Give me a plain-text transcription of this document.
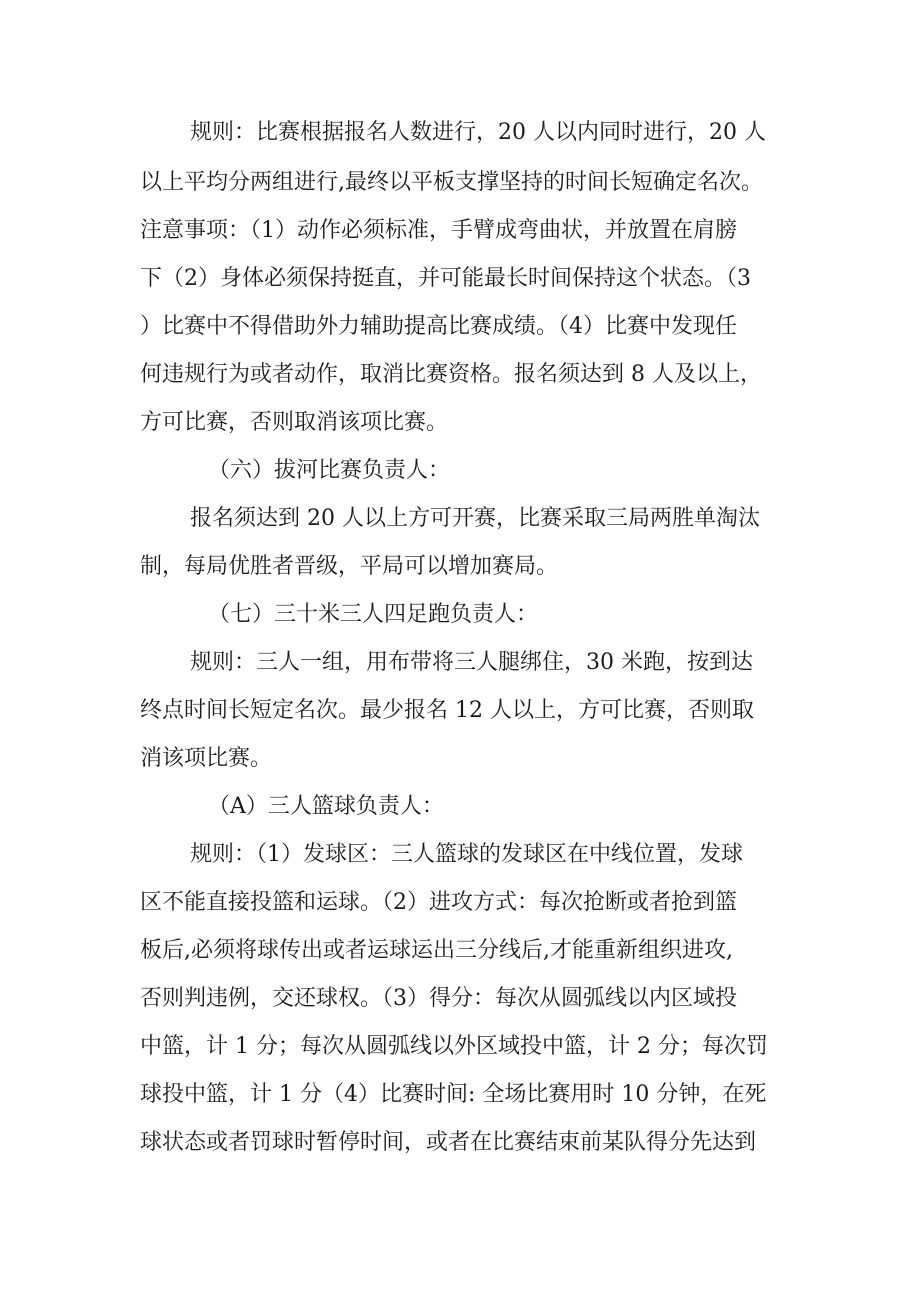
规则：比赛根据报名人数进行，20 人以内同时进行，20 人
以上平均分两组进行,最终以平板支撑坚持的时间长短确定名次。
注意事项：（1）动作必须标准，手臂成弯曲状，并放置在肩膀
下（2）身体必须保持挺直，并可能最长时间保持这个状态。（3
）比赛中不得借助外力辅助提高比赛成绩。（4）比赛中发现任
何违规行为或者动作，取消比赛资格。报名须达到 8 人及以上，
方可比赛，否则取消该项比赛。
（六）拔河比赛负责人：
报名须达到 20 人以上方可开赛，比赛采取三局两胜单淘汰
制，每局优胜者晋级，平局可以增加赛局。
（七）三十米三人四足跑负责人：
规则：三人一组，用布带将三人腿绑住，30 米跑，按到达
终点时间长短定名次。最少报名 12 人以上，方可比赛，否则取
消该项比赛。
（A）三人篮球负责人：
规则：（1）发球区：三人篮球的发球区在中线位置，发球
区不能直接投篮和运球。（2）进攻方式：每次抢断或者抢到篮
板后,必须将球传出或者运球运出三分线后,才能重新组织进攻,
否则判违例，交还球权。（3）得分：每次从圆弧线以内区域投
中篮，计 1 分；每次从圆弧线以外区域投中篮，计 2 分；每次罚
球投中篮，计 1 分（4）比赛时间: 全场比赛用时 10 分钟，在死
球状态或者罚球时暂停时间，或者在比赛结束前某队得分先达到
